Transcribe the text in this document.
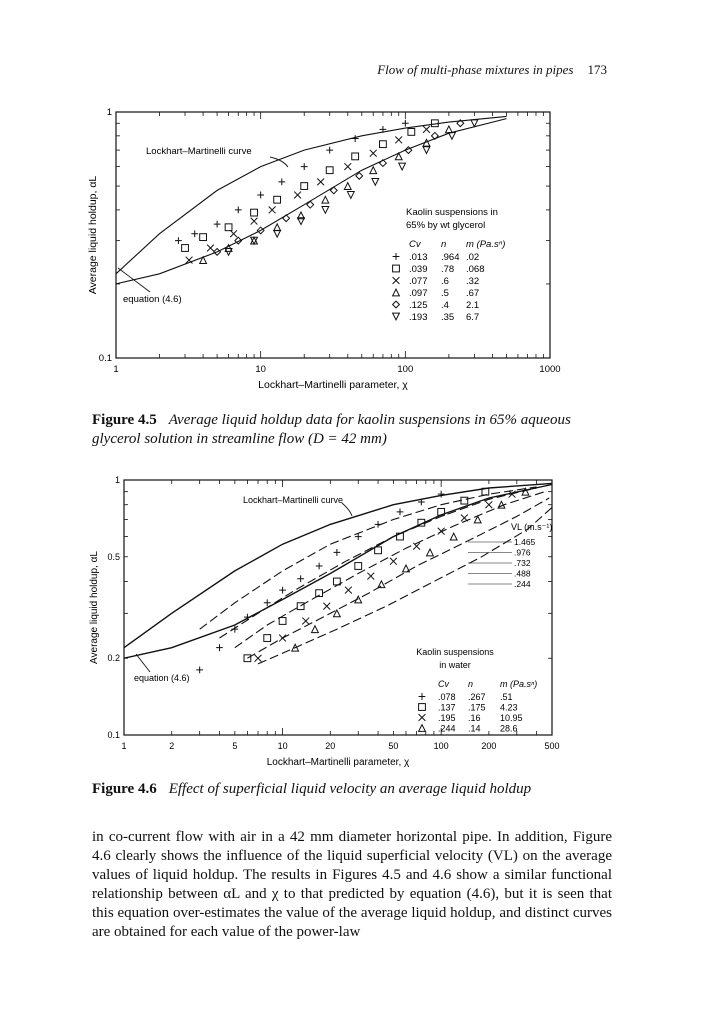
Flow of multi-phase mixtures in pipes 173
1	10	100	1000
0.1
1
Lockhart–Martinelli parameter, χ
Average liquid holdup, αL
Lockhart–Martinelli curve
equation (4.6)
Kaolin suspensions in
65% by wt glycerol
Cv n m (Pa.sⁿ)
.013 .964 .02
.039 .78 .068
.077 .6 .32
.097 .5 .67
.125 .4 2.1
.193 .35 6.7
1	2	5	10	20	50	100	200	500
0.1
0.2
0.5
1
Lockhart–Martinelli parameter, χ
Average liquid holdup, αL
Lockhart–Martinelli curve
equation (4.6)
Kaolin suspensions
in water
Cv n	m (Pa.sⁿ)
.078 .267 .51
.137 .175 4.23
.195 .16 10.95
.244 .14 28.6
VL (m.s⁻¹)
1.465
.976
.732
.488
.244
Figure 4.5 Average liquid holdup data for kaolin suspensions in 65% aqueous glycerol solution in streamline flow (D = 42 mm)
Figure 4.6 Effect of superficial liquid velocity an average liquid holdup
in co-current flow with air in a 42 mm diameter horizontal pipe. In addition, Figure 4.6 clearly shows the influence of the liquid superficial velocity (VL) on the average values of liquid holdup. The results in Figures 4.5 and 4.6 show a similar functional relationship between αL and χ to that predicted by equation (4.6), but it is seen that this equation over-estimates the value of the average liquid holdup, and distinct curves are obtained for each value of the power-law
